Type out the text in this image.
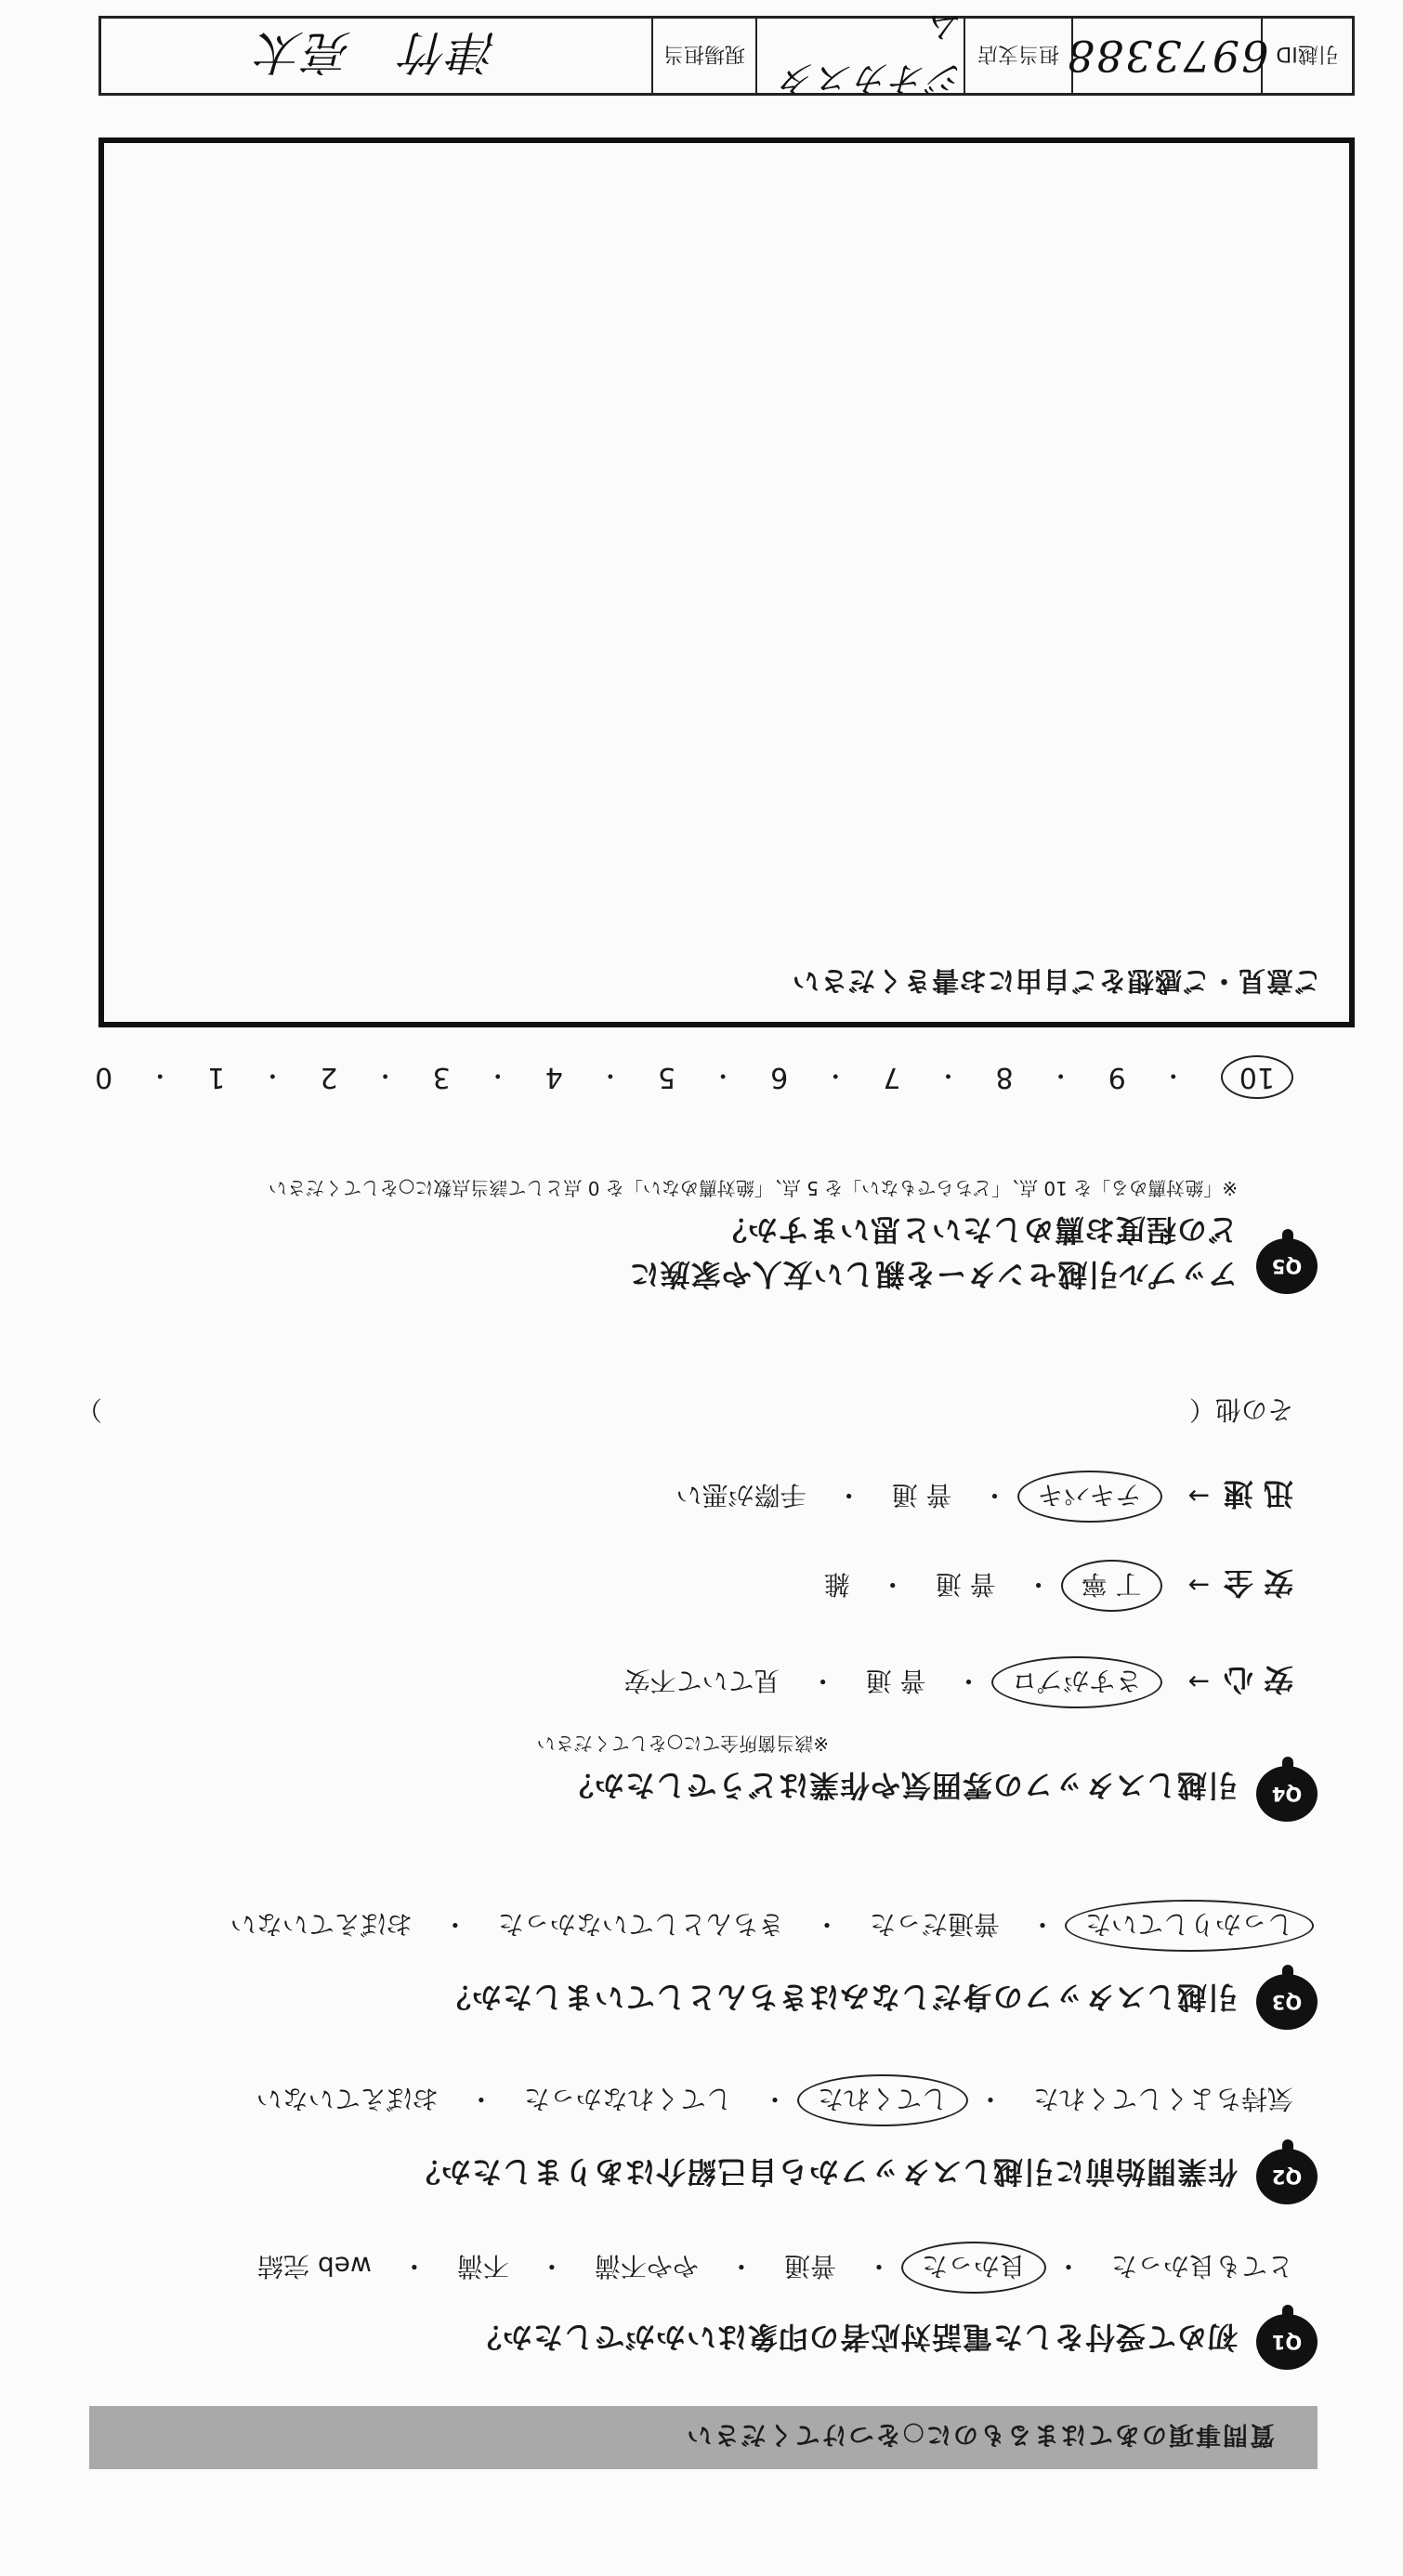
引越ID
6973388
担当支店
ジオカスタム
現場担当
津竹　亮太
質問事項のあてはまるものに○をつけてください
Q1
初めて受付をした電話対応者の印象はいかがでしたか？
とても良かった
・
良かった
・
普通
・
やや不満
・
不満
・
web 完結
Q2
作業開始前に引越しスタッフから自己紹介はありましたか？
気持ちよくしてくれた
・
してくれた
・
してくれなかった
・
おぼえていない
Q3
引越しスタッフの身だしなみはきちんとしていましたか？
しっかりしていた
・
普通だった
・
きちんとしていなかった
・
おぼえていない
Q4
引越しスタッフの雰囲気や作業はどうでしたか？
※該当箇所全てに○をしてください
安 心
→
さすがプロ
・
普 通
・
見ていて不安
安 全
→
丁 寧
・
普 通
・
雑
迅 速
→
テキパキ
・
普 通
・
手際が悪い
その他（
）
Q5
アップル引越センターを親しい友人や家族に
どの程度お薦めしたいと思いますか？
※「絶対薦める」を 10 点、「どちらでもない」を 5 点、「絶対薦めない」を 0 点として該当点数に○をしてください
10
・
9
・
8
・
7
・
6
・
5
・
4
・
3
・
2
・
1
・
0
ご意見・ご感想をご自由にお書きください
